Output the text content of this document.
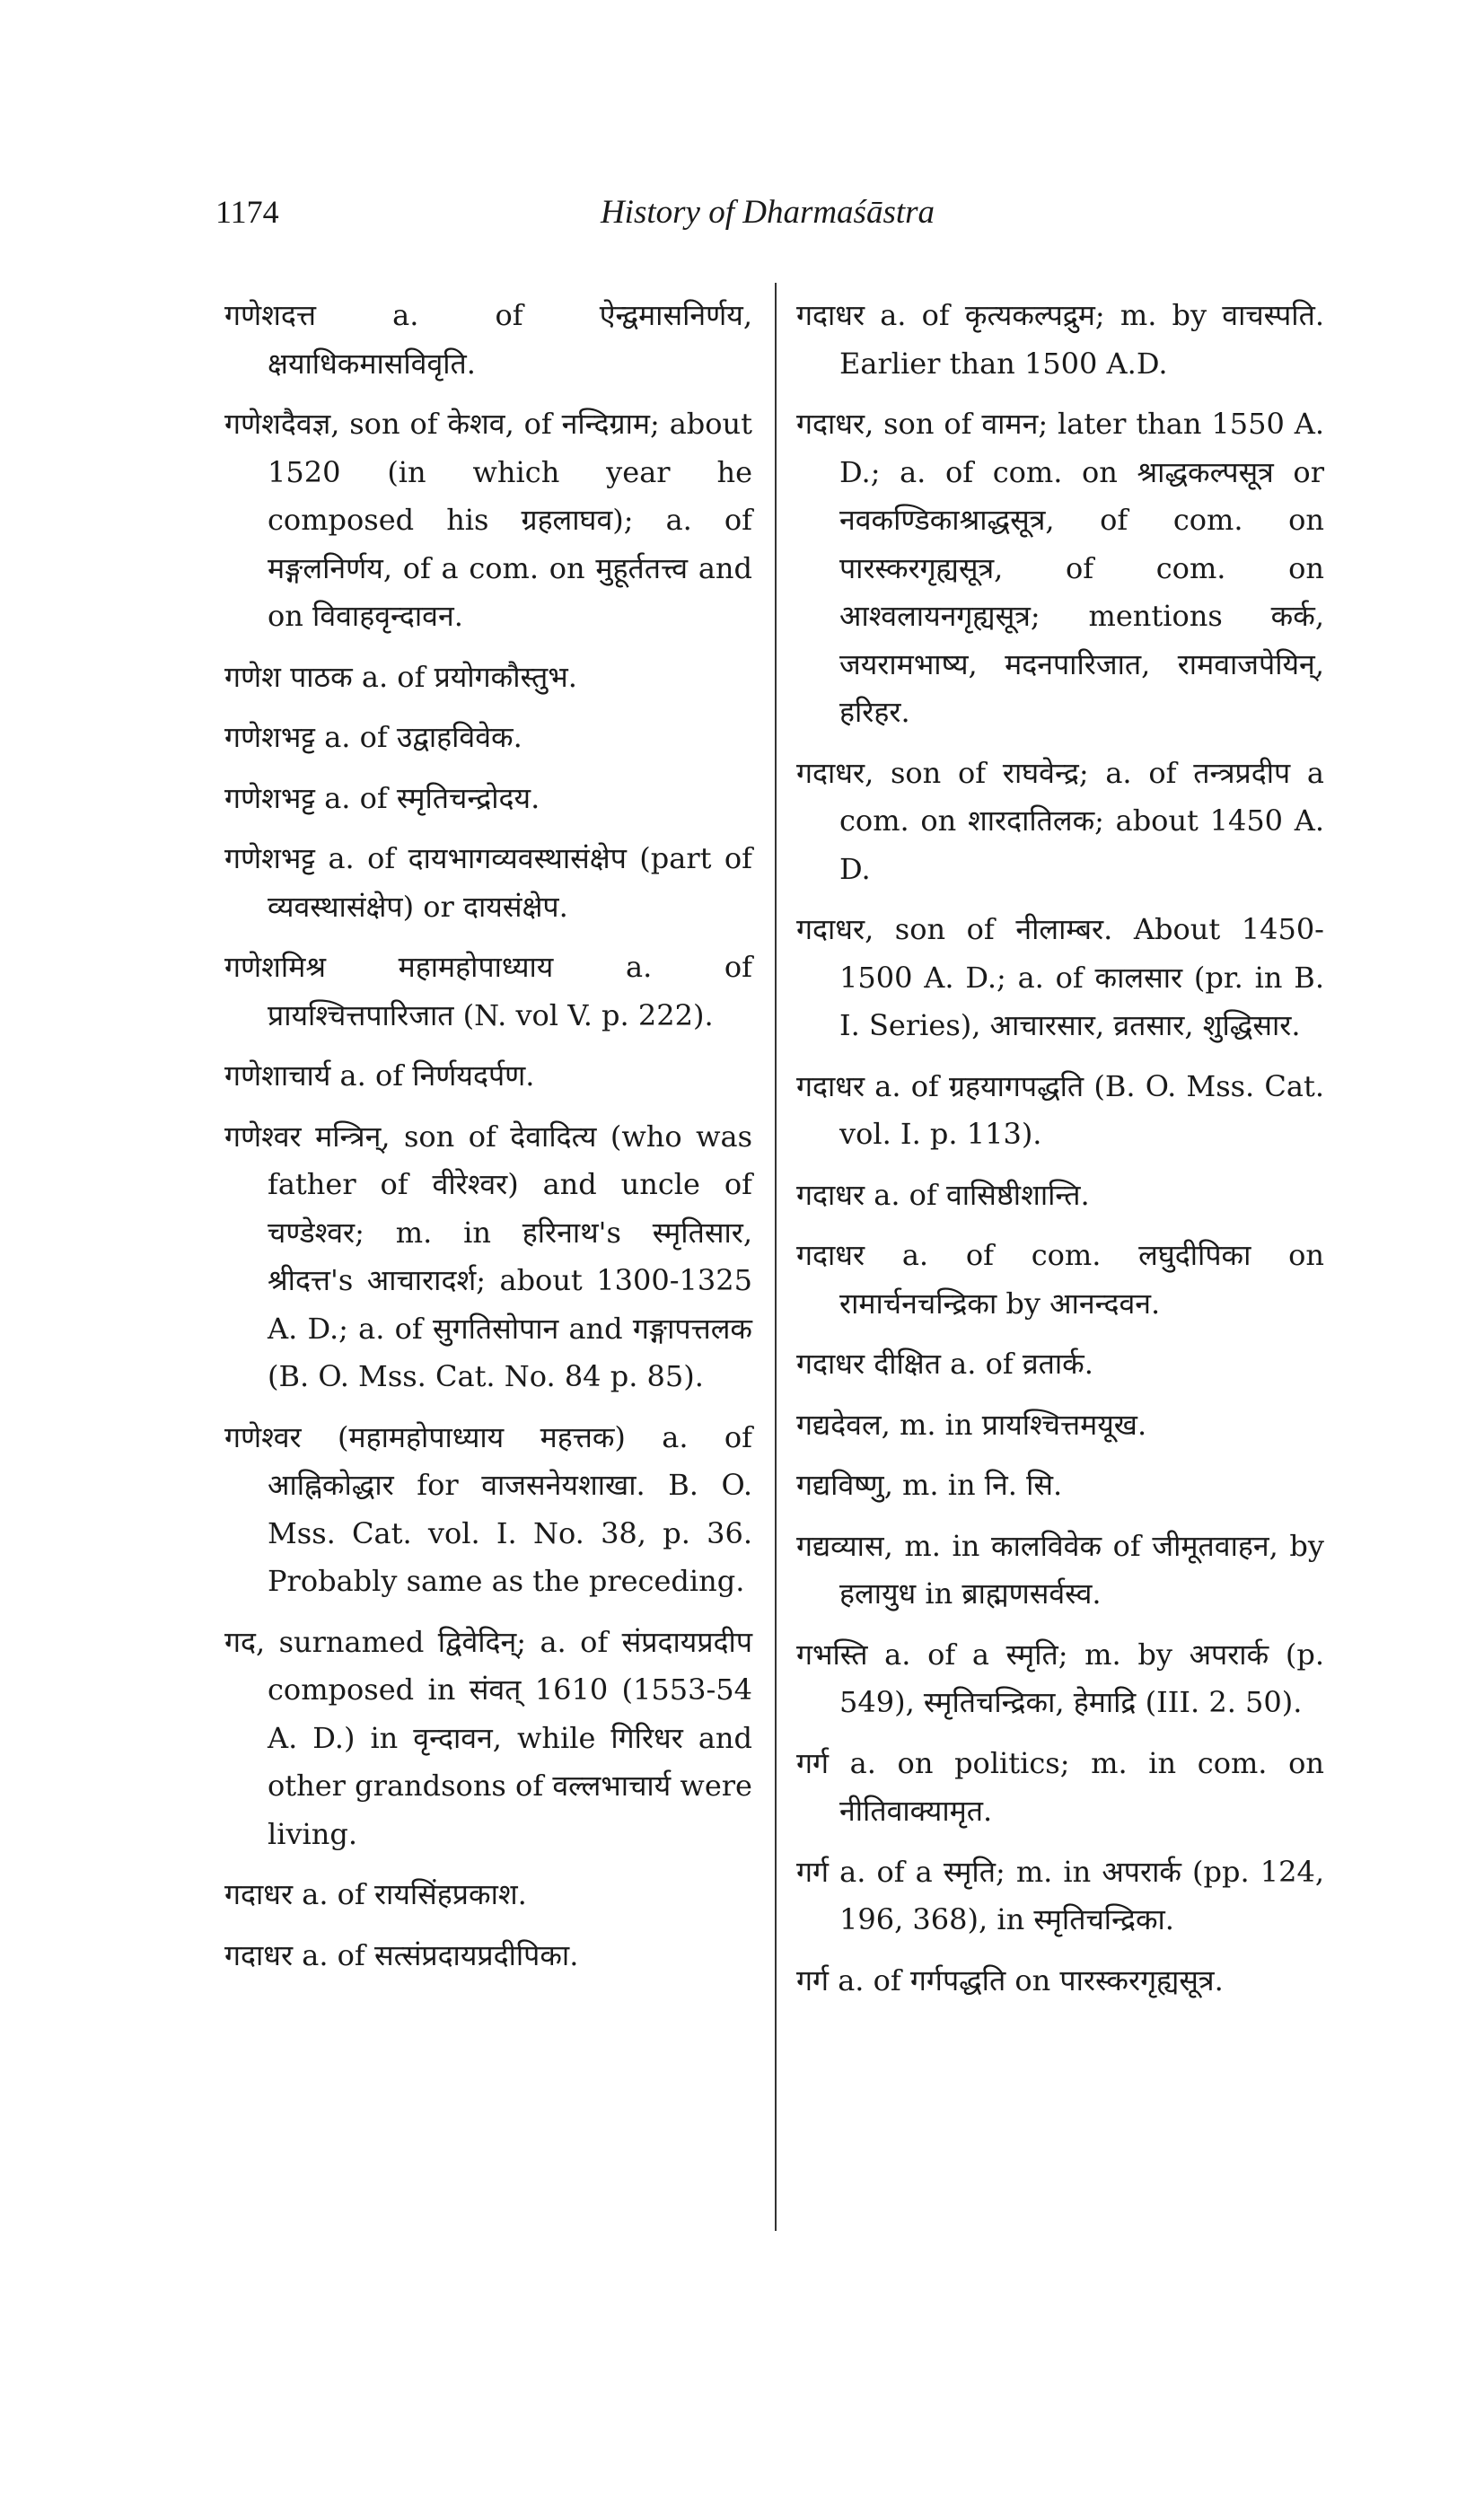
1174	History of Dharmaśāstra

गणेशदत्त a. of ऐन्द्वमासनिर्णय, क्षयाधिकमासविवृति.

गणेशदैवज्ञ, son of केशव, of नन्दिग्राम; about 1520 (in which year he composed his ग्रहलाघव); a. of मङ्गलनिर्णय, of a com. on मुहूर्ततत्त्व and on विवाहवृन्दावन.

गणेश पाठक a. of प्रयोगकौस्तुभ.

गणेशभट्ट a. of उद्वाहविवेक.

गणेशभट्ट a. of स्मृतिचन्द्रोदय.

गणेशभट्ट a. of दायभागव्यवस्थासंक्षेप (part of व्यवस्थासंक्षेप) or दायसंक्षेप.

गणेशमिश्र महामहोपाध्याय a. of प्रायश्चित्तपारिजात (N. vol V. p. 222).

गणेशाचार्य a. of निर्णयदर्पण.

गणेश्वर मन्त्रिन्, son of देवादित्य (who was father of वीरेश्वर) and uncle of चण्डेश्वर; m. in हरिनाथ's स्मृतिसार, श्रीदत्त's आचारादर्श; about 1300-1325 A. D.; a. of सुगतिसोपान and गङ्गापत्तलक (B. O. Mss. Cat. No. 84 p. 85).

गणेश्वर (महामहोपाध्याय महत्तक) a. of आह्निकोद्धार for वाजसनेयशाखा. B. O. Mss. Cat. vol. I. No. 38, p. 36. Probably same as the preceding.

गद, surnamed द्विवेदिन्; a. of संप्रदायप्रदीप composed in संवत् 1610 (1553-54 A. D.) in वृन्दावन, while गिरिधर and other grandsons of वल्लभाचार्य were living.

गदाधर a. of रायसिंहप्रकाश.

गदाधर a. of सत्संप्रदायप्रदीपिका.

गदाधर a. of कृत्यकल्पद्रुम; m. by वाचस्पति. Earlier than 1500 A.D.

गदाधर, son of वामन; later than 1550 A. D.; a. of com. on श्राद्धकल्पसूत्र or नवकण्डिकाश्राद्धसूत्र, of com. on पारस्करगृह्यसूत्र, of com. on आश्वलायनगृह्यसूत्र; mentions कर्क, जयरामभाष्य, मदनपारिजात, रामवाजपेयिन्, हरिहर.

गदाधर, son of राघवेन्द्र; a. of तन्त्रप्रदीप a com. on शारदातिलक; about 1450 A. D.

गदाधर, son of नीलाम्बर. About 1450-1500 A. D.; a. of कालसार (pr. in B. I. Series), आचारसार, व्रतसार, शुद्धिसार.

गदाधर a. of ग्रहयागपद्धति (B. O. Mss. Cat. vol. I. p. 113).

गदाधर a. of वासिष्ठीशान्ति.

गदाधर a. of com. लघुदीपिका on रामार्चनचन्द्रिका by आनन्दवन.

गदाधर दीक्षित a. of व्रतार्क.

गद्यदेवल, m. in प्रायश्चित्तमयूख.

गद्यविष्णु, m. in नि. सि.

गद्यव्यास, m. in कालविवेक of जीमूतवाहन, by हलायुध in ब्राह्मणसर्वस्व.

गभस्ति a. of a स्मृति; m. by अपरार्क (p. 549), स्मृतिचन्द्रिका, हेमाद्रि (III. 2. 50).

गर्ग a. on politics; m. in com. on नीतिवाक्यामृत.

गर्ग a. of a स्मृति; m. in अपरार्क (pp. 124, 196, 368), in स्मृतिचन्द्रिका.

गर्ग a. of गर्गपद्धति on पारस्करगृह्यसूत्र.
